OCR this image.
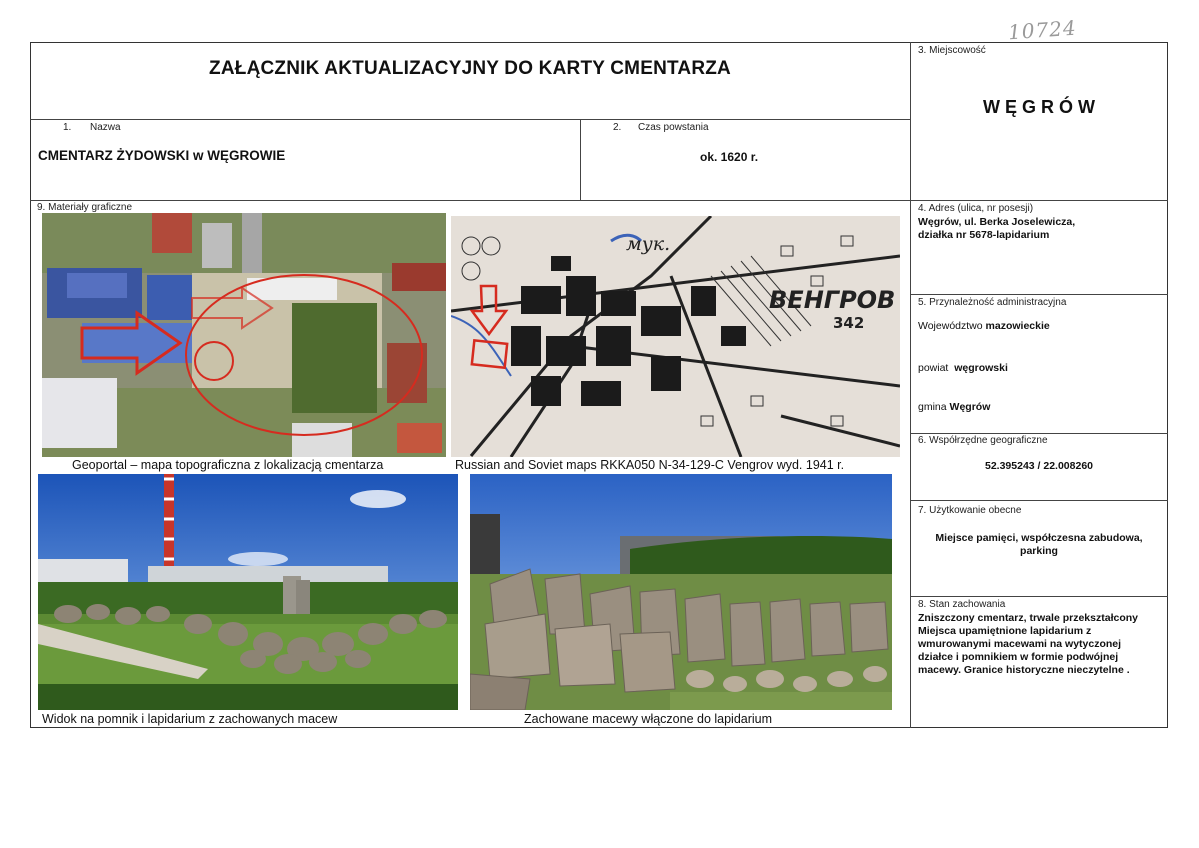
10724
ZAŁĄCZNIK AKTUALIZACYJNY DO KARTY CMENTARZA
1. Nazwa
CMENTARZ ŻYDOWSKI w WĘGROWIE
2. Czas powstania
ok. 1620 r.
3. Miejscowość
W Ę G R Ó W
4. Adres (ulica, nr posesji)
Węgrów, ul. Berka Joselewicza,
działka nr 5678-lapidarium
5. Przynależność administracyjna
Województwo mazowieckie
powiat węgrowski
gmina Węgrów
6. Współrzędne geograficzne
52.395243 / 22.008260
7. Użytkowanie obecne
Miejsce pamięci, współczesna zabudowa,
parking
8. Stan zachowania
Zniszczony cmentarz, trwale przekształcony
Miejsca upamiętnione lapidarium z
wmurowanymi macewami na wytyczonej
działce i pomnikiem w formie podwójnej
macewy. Granice historyczne nieczytelne .
9. Materiały graficzne
Geoportal – mapa topograficzna z lokalizacją cmentarza
мук.
ВЕНГРОВ
342
Russian and Soviet maps RKKA050 N-34-129-C Vengrov wyd. 1941 r.
Widok na pomnik i lapidarium z zachowanych macew	Zachowane macewy włączone do lapidarium
